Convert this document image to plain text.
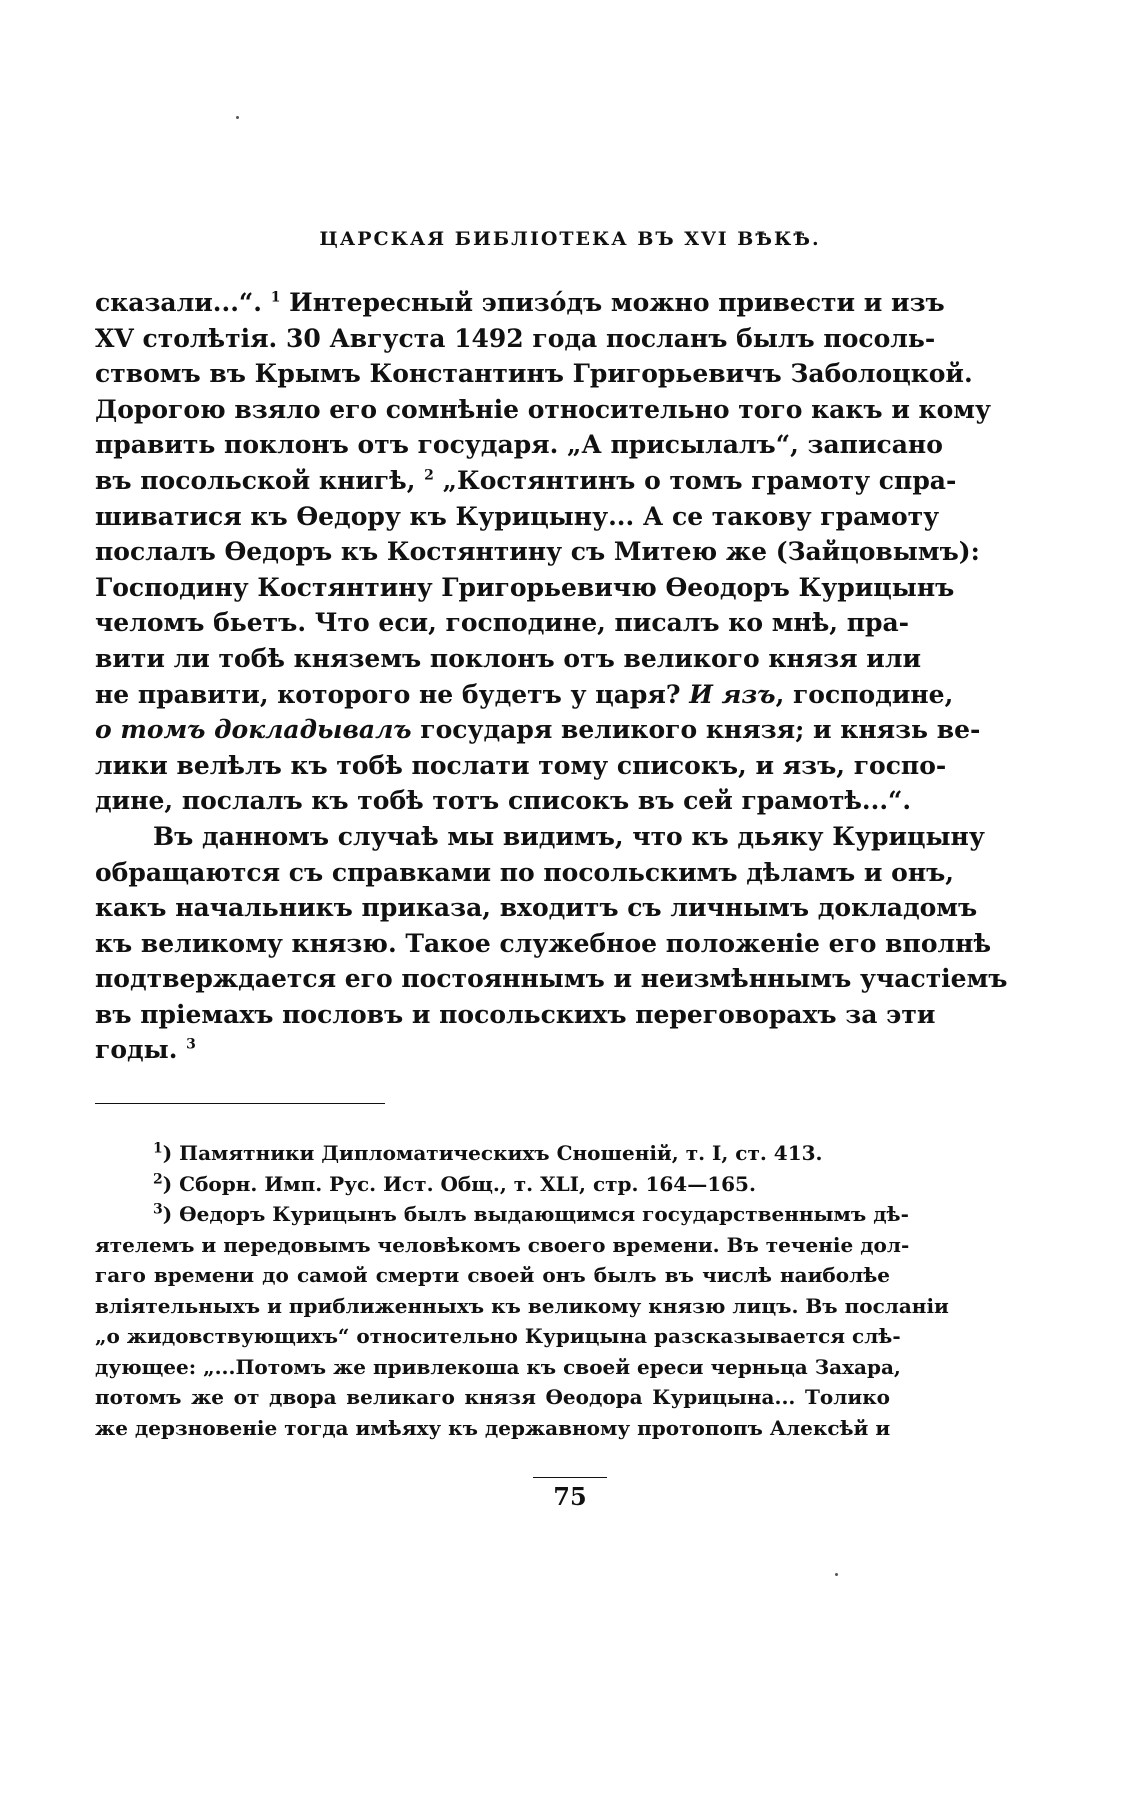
ЦАРСКАЯ БИБЛІОТЕКА ВЪ XVI ВѢКѢ.
сказали...“. $^1$ Интересный эпизóдъ можно привести и изъ
XV столѣтія. 30 Августа 1492 года посланъ былъ посоль-
ствомъ въ Крымъ Константинъ Григорьевичъ Заболоцкой.
Дорогою взяло его сомнѣніе относительно того какъ и кому
править поклонъ отъ государя. „А присылалъ“, записано
въ посольской книгѣ, $^2$ „Костянтинъ о томъ грамоту спра-
шиватися къ Ѳедору къ Курицыну... А се такову грамоту
послалъ Ѳедоръ къ Костянтину съ Митею же (Зайцовымъ):
Господину Костянтину Григорьевичю Ѳеодоръ Курицынъ
челомъ бьетъ. Что еси, господине, писалъ ко мнѣ, пра-
вити ли тобѣ княземъ поклонъ отъ великого князя или
не правити, которого не будетъ у царя? И язъ, господине,
о томъ докладывалъ государя великого князя; и князь ве-
лики велѣлъ къ тобѣ послати тому списокъ, и язъ, госпо-
дине, послалъ къ тобѣ тотъ списокъ въ сей грамотѣ...“.
Въ данномъ случаѣ мы видимъ, что къ дьяку Курицыну
обращаются съ справками по посольскимъ дѣламъ и онъ,
какъ начальникъ приказа, входитъ съ личнымъ докладомъ
къ великому князю. Такое служебное положеніе его вполнѣ
подтверждается его постояннымъ и неизмѣннымъ участіемъ
въ пріемахъ пословъ и посольскихъ переговорахъ за эти
годы. $^3$
$^1$) Памятники Дипломатическихъ Сношеній, т. I, ст. 413.
$^2$) Сборн. Имп. Рус. Ист. Общ., т. XLI, стр. 164—165.
$^3$) Ѳедоръ Курицынъ былъ выдающимся государственнымъ дѣ-
ятелемъ и передовымъ человѣкомъ своего времени. Въ теченіе дол-
гаго времени до самой смерти своей онъ былъ въ числѣ наиболѣе
вліятельныхъ и приближенныхъ къ великому князю лицъ. Въ посланіи
„о жидовствующихъ“ относительно Курицына разсказывается слѣ-
дующее: „...Потомъ же привлекоша къ своей ереси черньца Захара,
потомъ же от двора великаго князя Ѳеодора Курицына... Толико
же дерзновеніе тогда имѣяху къ державному протопопъ Алексѣй и
75
